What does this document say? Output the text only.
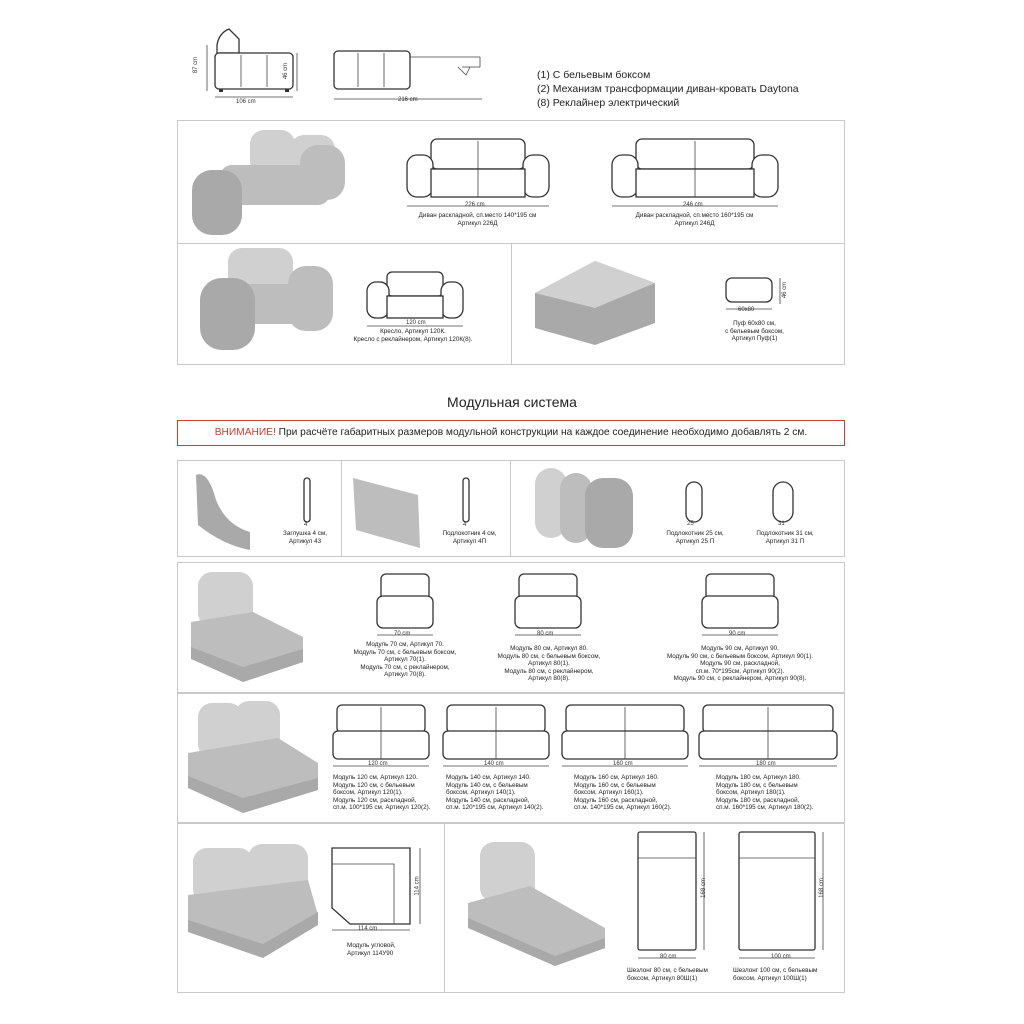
87 cm	46 cm
106 cm	216 cm
(1) С бельевым боксом
(2) Механизм трансформации диван-кровать Daytona
(8) Реклайнер электрический
226 cm
Диван раскладной, сп.место 140*195 см
Артикул 226Д
246 cm
Диван раскладной, сп.место 160*195 см
Артикул 246Д
120 cm
Кресло, Артикул 120К.
Кресло с реклайнером, Артикул 120К(8).
60х80
46 cm
Пуф 60х80 см,
с бельевым боксом,
Артикул Пуф(1)
Модульная система
ВНИМАНИЕ! При расчёте габаритных размеров модульной конструкции на каждое соединение необходимо добавлять 2 см.
4
Заглушка 4 см,
Артикул 43
4
Подлокотник 4 см,
Артикул 4П
25
Подлокотник 25 см,
Артикул 25 П
31
Подлокотник 31 см,
Артикул 31 П
70 cm
Модуль 70 см, Артикул 70.
Модуль 70 см, с бельевым боксом,
Артикул 70(1).
Модуль 70 см, с реклайнером,
Артикул 70(8).
80 cm
Модуль 80 см, Артикул 80.
Модуль 80 см, с бельевым боксом,
Артикул 80(1).
Модуль 80 см, с реклайнером,
Артикул 80(8).
90 cm
Модуль 90 см, Артикул 90.
Модуль 90 см, с бельевым боксом, Артикул 90(1).
Модуль 90 см, раскладной,
сп.м. 70*195см, Артикул 90(2).
Модуль 90 см, с реклайнером, Артикул 90(8).
120 cm
Модуль 120 см, Артикул 120.
Модуль 120 см, с бельевым
боксом, Артикул 120(1).
Модуль 120 см, раскладной,
сп.м. 100*195 см, Артикул 120(2).
140 cm
Модуль 140 см, Артикул 140.
Модуль 140 см, с бельевым
боксом, Артикул 140(1).
Модуль 140 см, раскладной,
сп.м. 120*195 см, Артикул 140(2).
160 cm
Модуль 160 см, Артикул 160.
Модуль 160 см, с бельевым
боксом, Артикул 160(1).
Модуль 160 см, раскладной,
сп.м. 140*195 см, Артикул 160(2).
180 cm
Модуль 180 см, Артикул 180.
Модуль 180 см, с бельевым
боксом, Артикул 180(1).
Модуль 180 см, раскладной,
сп.м. 160*195 см, Артикул 180(2).
114 cm
114 cm
Модуль угловой,
Артикул 114У90
80 cm
168 cm
Шезлонг 80 см, с бельевым
боксом, Артикул 80Ш(1)
100 cm
168 cm
Шезлонг 100 см, с бельевым
боксом, Артикул 100Ш(1)
